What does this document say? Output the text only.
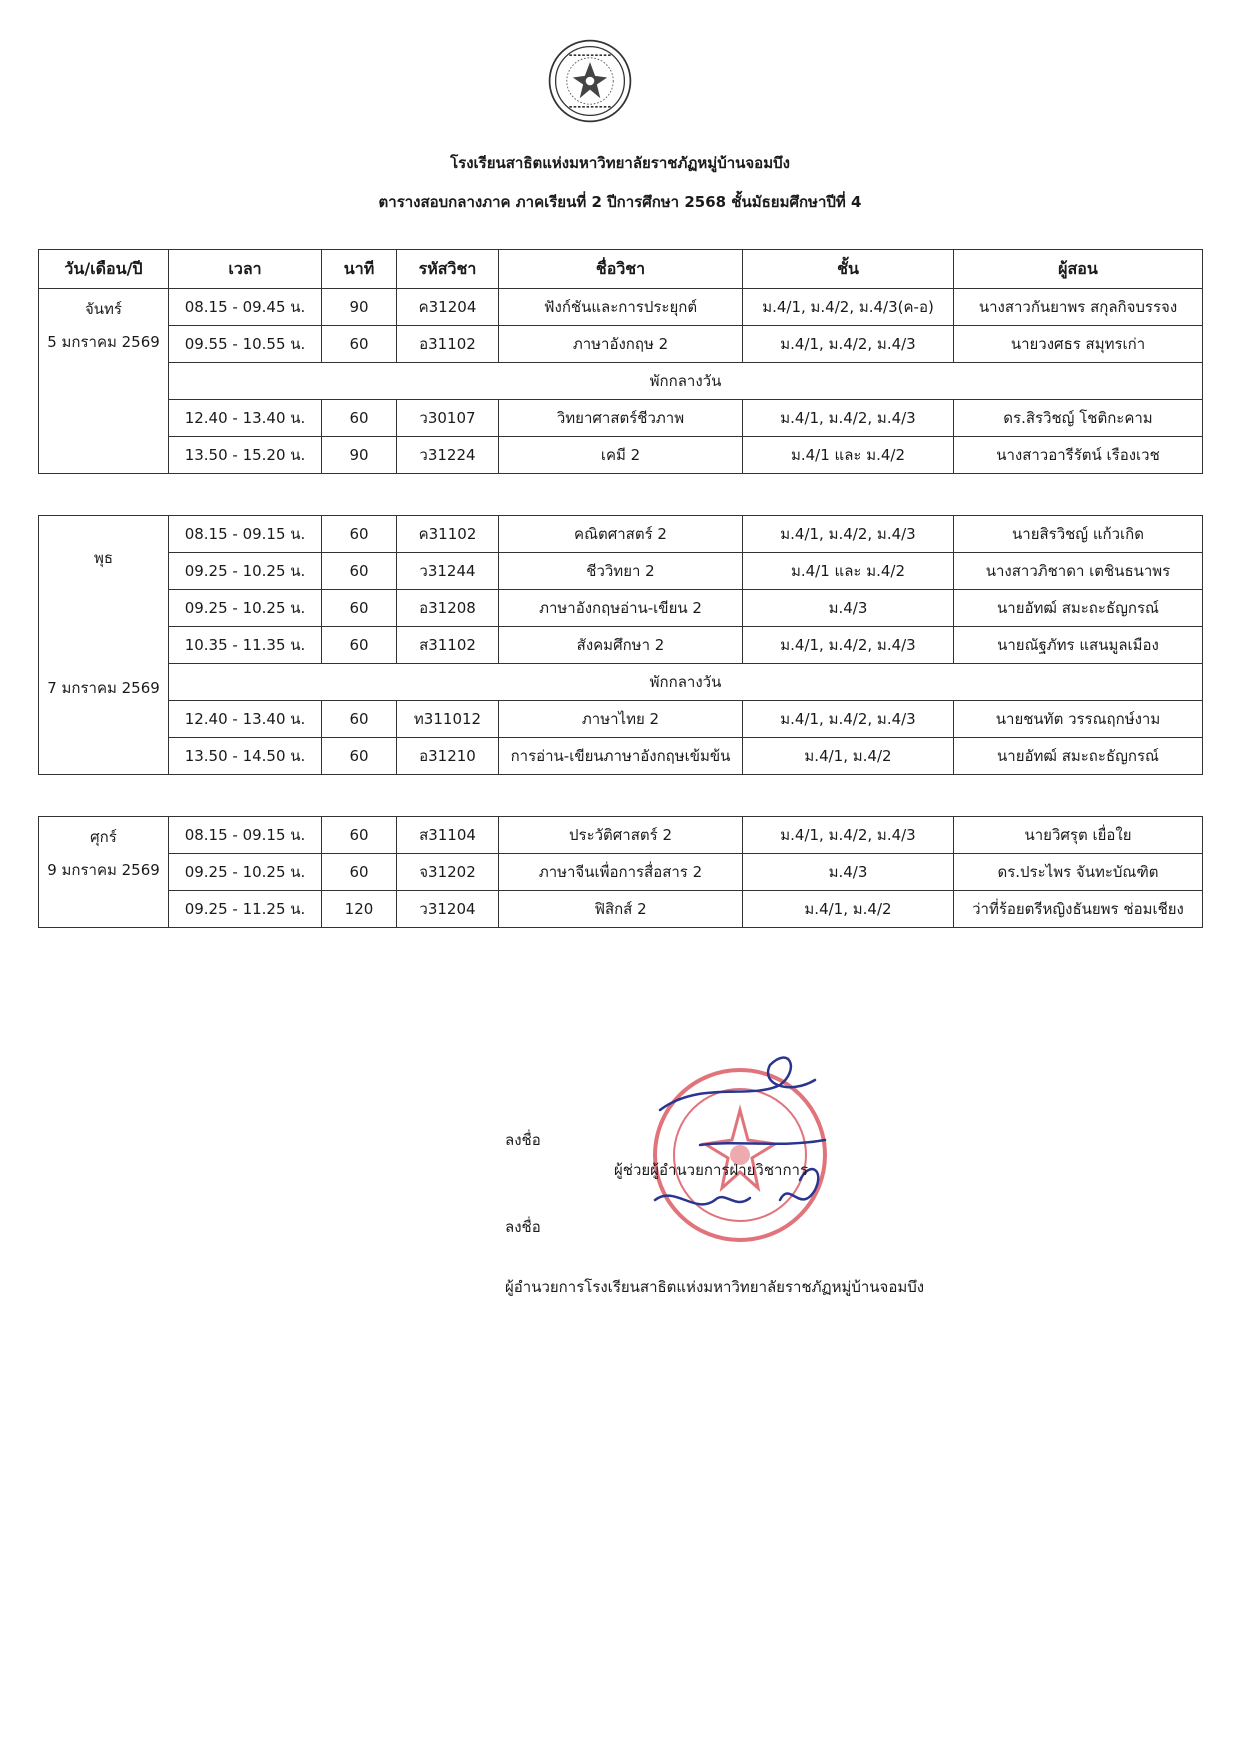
โรงเรียนสาธิตแห่งมหาวิทยาลัยราชภัฏหมู่บ้านจอมบึง
ตารางสอบกลางภาค ภาคเรียนที่ 2 ปีการศึกษา 2568 ชั้นมัธยมศึกษาปีที่ 4
วัน/เดือน/ปี	เวลา	นาที	รหัสวิชา	ชื่อวิชา	ชั้น	ผู้สอน

จันทร์
5 มกราคม 2569	08.15 - 09.45 น.	90	ค31204	ฟังก์ชันและการประยุกต์	ม.4/1, ม.4/2, ม.4/3(ค-อ)	นางสาวกันยาพร สกุลกิจบรรจง
	09.55 - 10.55 น.	60	อ31102	ภาษาอังกฤษ 2	ม.4/1, ม.4/2, ม.4/3	นายวงศธร สมุทรเก่า
	พักกลางวัน					
	12.40 - 13.40 น.	60	ว30107	วิทยาศาสตร์ชีวภาพ	ม.4/1, ม.4/2, ม.4/3	ดร.สิรวิชญ์ โชติกะคาม
	13.50 - 15.20 น.	90	ว31224	เคมี 2	ม.4/1 และ ม.4/2	นางสาวอารีรัตน์ เรืองเวช
พุธ
7 มกราคม 2569	08.15 - 09.15 น.	60	ค31102	คณิตศาสตร์ 2	ม.4/1, ม.4/2, ม.4/3	นายสิรวิชญ์ แก้วเกิด
	09.25 - 10.25 น.	60	ว31244	ชีววิทยา 2	ม.4/1 และ ม.4/2	นางสาวภิชาดา เตชินธนาพร
	09.25 - 10.25 น.	60	อ31208	ภาษาอังกฤษอ่าน-เขียน 2	ม.4/3	นายอัทฒ์ สมะถะธัญกรณ์
	10.35 - 11.35 น.	60	ส31102	สังคมศึกษา 2	ม.4/1, ม.4/2, ม.4/3	นายณัฐภัทร แสนมูลเมือง
	พักกลางวัน					
	12.40 - 13.40 น.	60	ท311012	ภาษาไทย 2	ม.4/1, ม.4/2, ม.4/3	นายชนทัต วรรณฤกษ์งาม
	13.50 - 14.50 น.	60	อ31210	การอ่าน-เขียนภาษาอังกฤษเข้มข้น	ม.4/1, ม.4/2	นายอัทฒ์ สมะถะธัญกรณ์
ศุกร์
9 มกราคม 2569	08.15 - 09.15 น.	60	ส31104	ประวัติศาสตร์ 2	ม.4/1, ม.4/2, ม.4/3	นายวิศรุต เยื่อใย
	09.25 - 10.25 น.	60	จ31202	ภาษาจีนเพื่อการสื่อสาร 2	ม.4/3	ดร.ประไพร จันทะบัณฑิต
	09.25 - 11.25 น.	120	ว31204	ฟิสิกส์ 2	ม.4/1, ม.4/2	ว่าที่ร้อยตรีหญิงธันยพร ช่อมเชียง
ลงชื่อ
ผู้ช่วยผู้อำนวยการฝ่ายวิชาการ
ลงชื่อ
ผู้อำนวยการโรงเรียนสาธิตแห่งมหาวิทยาลัยราชภัฏหมู่บ้านจอมบึง
